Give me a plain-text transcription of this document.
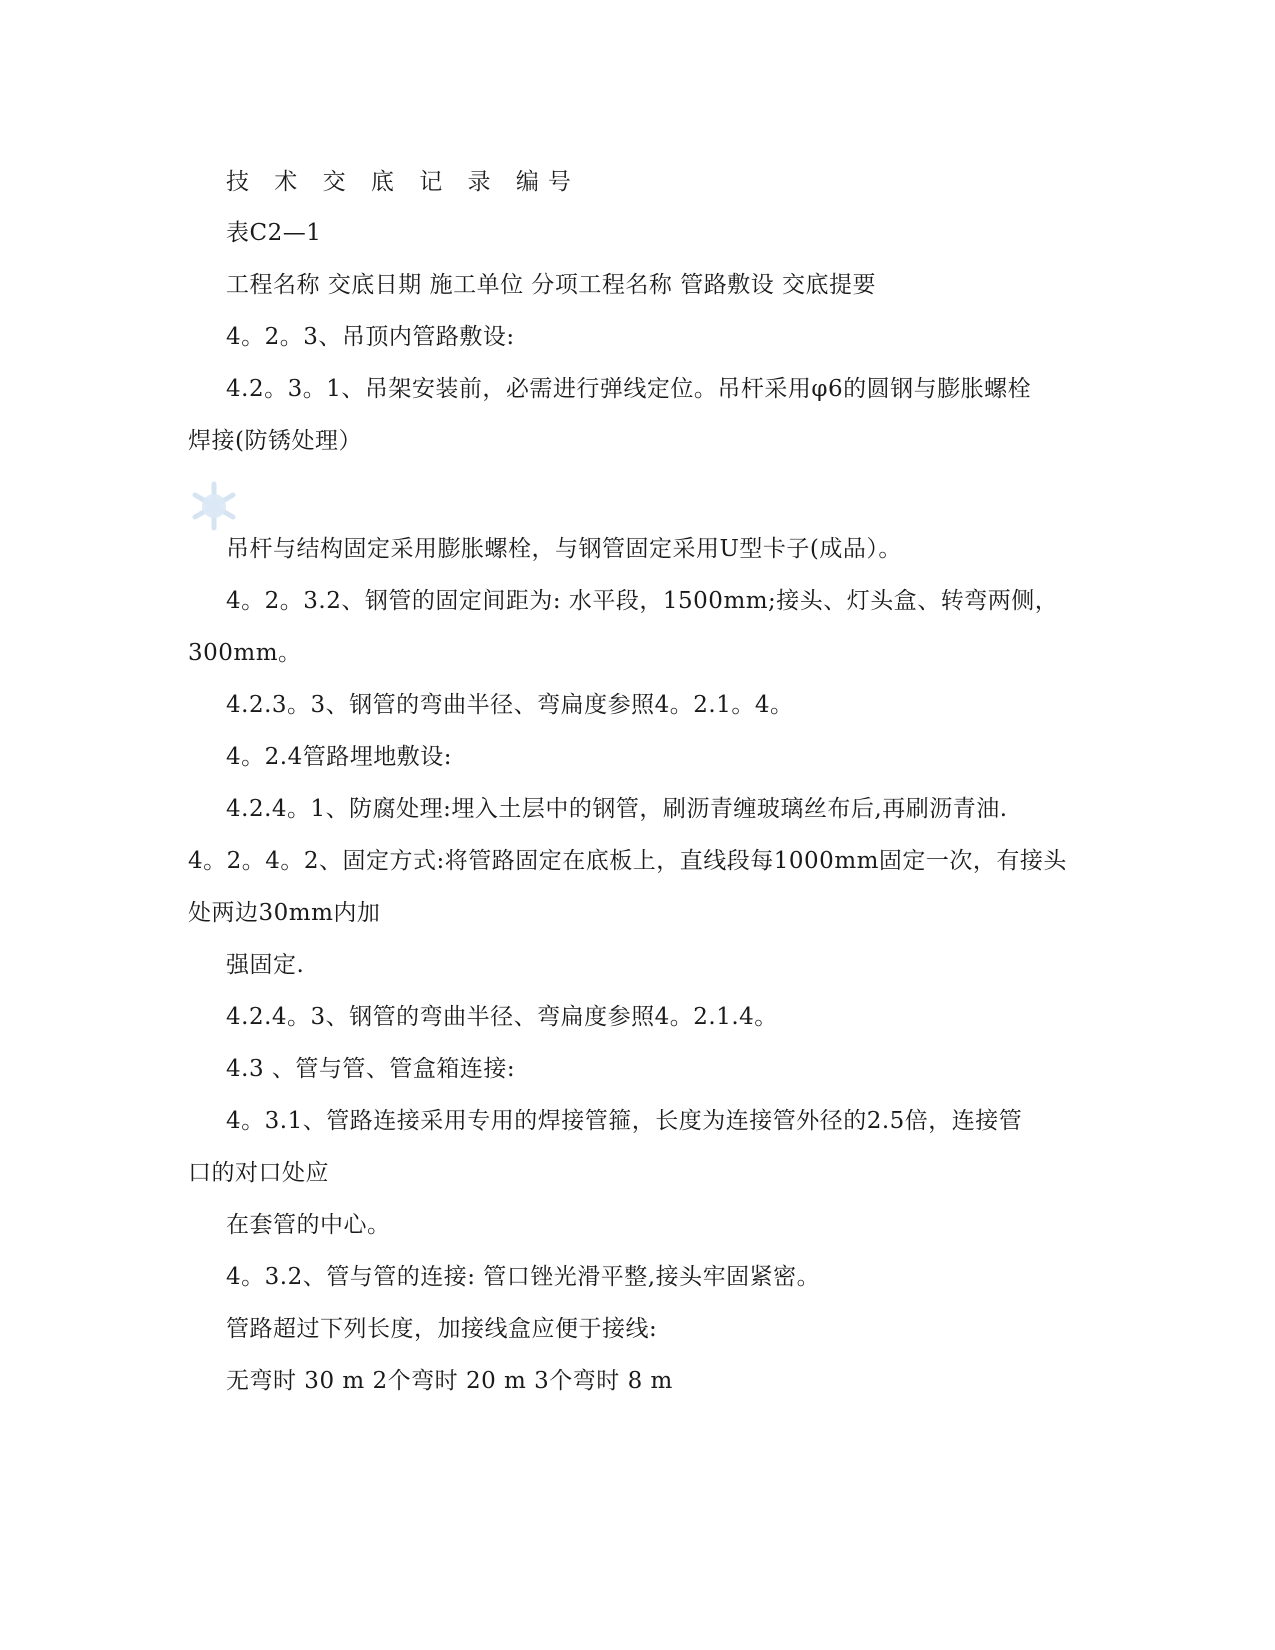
技 术 交 底 记 录 编号
表C2—1
工程名称 交底日期 施工单位 分项工程名称 管路敷设 交底提要
4。2。3、吊顶内管路敷设:
4.2。3。1、吊架安装前，必需进行弹线定位。吊杆采用φ6的圆钢与膨胀螺栓
焊接(防锈处理）
吊杆与结构固定采用膨胀螺栓，与钢管固定采用U型卡子(成品）。
4。2。3.2、钢管的固定间距为: 水平段，1500mm;接头、灯头盒、转弯两侧，
300mm。
4.2.3。3、钢管的弯曲半径、弯扁度参照4。2.1。4。
4。2.4管路埋地敷设:
4.2.4。1、防腐处理:埋入土层中的钢管，刷沥青缠玻璃丝布后,再刷沥青油.
4。2。4。2、固定方式:将管路固定在底板上，直线段每1000mm固定一次，有接头
处两边30mm内加
强固定.
4.2.4。3、钢管的弯曲半径、弯扁度参照4。2.1.4。
4.3 、管与管、管盒箱连接:
4。3.1、管路连接采用专用的焊接管箍，长度为连接管外径的2.5倍，连接管
口的对口处应
在套管的中心。
4。3.2、管与管的连接: 管口锉光滑平整,接头牢固紧密。
管路超过下列长度，加接线盒应便于接线:
无弯时 30 m 2个弯时 20 m 3个弯时 8 m
